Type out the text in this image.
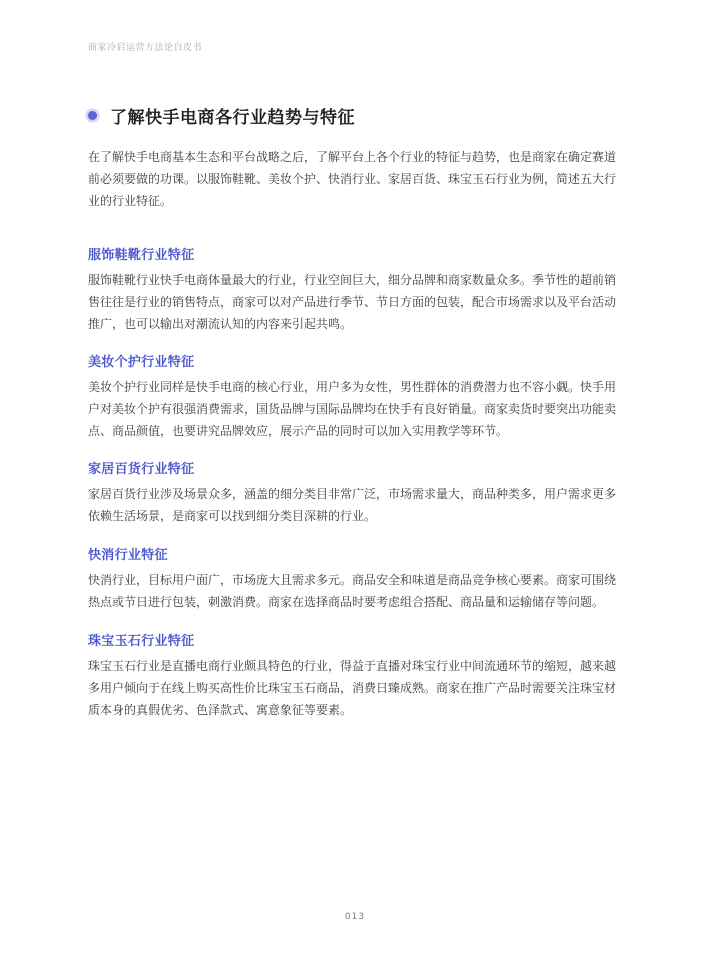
商家冷启运营方法论白皮书
了解快手电商各行业趋势与特征

在了解快手电商基本生态和平台战略之后，了解平台上各个行业的特征与趋势，也是商家在确定赛道前必须要做的功课。以服饰鞋靴、美妆个护、快消行业、家居百货、珠宝玉石行业为例，简述五大行业的行业特征。

服饰鞋靴行业特征

服饰鞋靴行业快手电商体量最大的行业，行业空间巨大，细分品牌和商家数量众多。季节性的超前销售往往是行业的销售特点，商家可以对产品进行季节、节日方面的包装，配合市场需求以及平台活动推广，也可以输出对潮流认知的内容来引起共鸣。

美妆个护行业特征

美妆个护行业同样是快手电商的核心行业，用户多为女性，男性群体的消费潜力也不容小觑。快手用户对美妆个护有很强消费需求，国货品牌与国际品牌均在快手有良好销量。商家卖货时要突出功能卖点、商品颜值，也要讲究品牌效应，展示产品的同时可以加入实用教学等环节。

家居百货行业特征

家居百货行业涉及场景众多，涵盖的细分类目非常广泛，市场需求量大，商品种类多，用户需求更多依赖生活场景，是商家可以找到细分类目深耕的行业。

快消行业特征

快消行业，目标用户面广，市场庞大且需求多元。商品安全和味道是商品竞争核心要素。商家可围绕热点或节日进行包装，刺激消费。商家在选择商品时要考虑组合搭配、商品量和运输储存等问题。

珠宝玉石行业特征

珠宝玉石行业是直播电商行业颇具特色的行业，得益于直播对珠宝行业中间流通环节的缩短，越来越多用户倾向于在线上购买高性价比珠宝玉石商品，消费日臻成熟。商家在推广产品时需要关注珠宝材质本身的真假优劣、色泽款式、寓意象征等要素。

013
